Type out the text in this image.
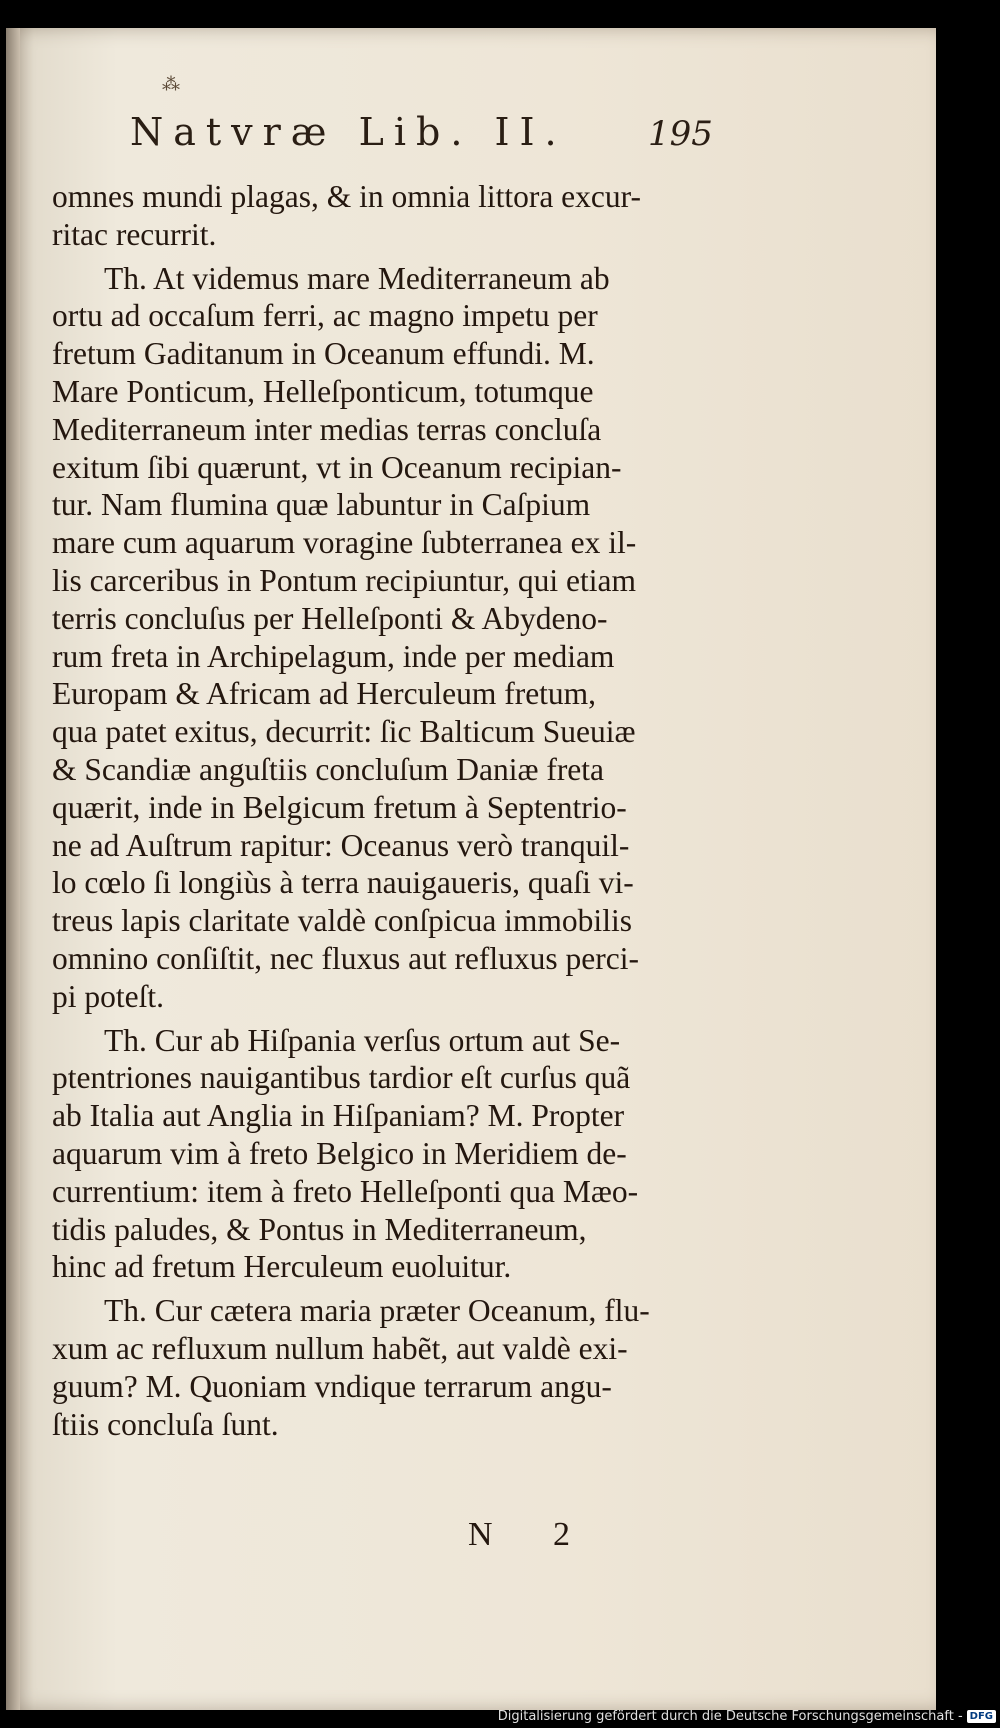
⁂
Natvræ Lib. II.	195
omnes mundi plagas, & in omnia littora excur-
ritac recurrit.
Th. At videmus mare Mediterraneum ab
ortu ad occaſum ferri, ac magno impetu per
fretum Gaditanum in Oceanum effundi. M.
Mare Ponticum, Helleſponticum, totumque
Mediterraneum inter medias terras concluſa
exitum ſibi quærunt, vt in Oceanum recipian-
tur. Nam flumina quæ labuntur in Caſpium
mare cum aquarum voragine ſubterranea ex il-
lis carceribus in Pontum recipiuntur, qui etiam
terris concluſus per Helleſponti & Abydeno-
rum freta in Archipelagum, inde per mediam
Europam & Africam ad Herculeum fretum,
qua patet exitus, decurrit: ſic Balticum Sueuiæ
& Scandiæ anguſtiis concluſum Daniæ freta
quærit, inde in Belgicum fretum à Septentrio-
ne ad Auſtrum rapitur: Oceanus verò tranquil-
lo cœlo ſi longiùs à terra nauigaueris, quaſi vi-
treus lapis claritate valdè conſpicua immobilis
omnino conſiſtit, nec fluxus aut refluxus perci-
pi poteſt.
Th. Cur ab Hiſpania verſus ortum aut Se-
ptentriones nauigantibus tardior eſt curſus quã
ab Italia aut Anglia in Hiſpaniam? M. Propter
aquarum vim à freto Belgico in Meridiem de-
currentium: item à freto Helleſponti qua Mæo-
tidis paludes, & Pontus in Mediterraneum,
hinc ad fretum Herculeum euoluitur.
Th. Cur cætera maria præter Oceanum, flu-
xum ac refluxum nullum habẽt, aut valdè exi-
guum? M. Quoniam vndique terrarum angu-
ſtiis concluſa ſunt.
N 2
Digitalisierung gefördert durch die Deutsche Forschungsgemeinschaft - DFG
